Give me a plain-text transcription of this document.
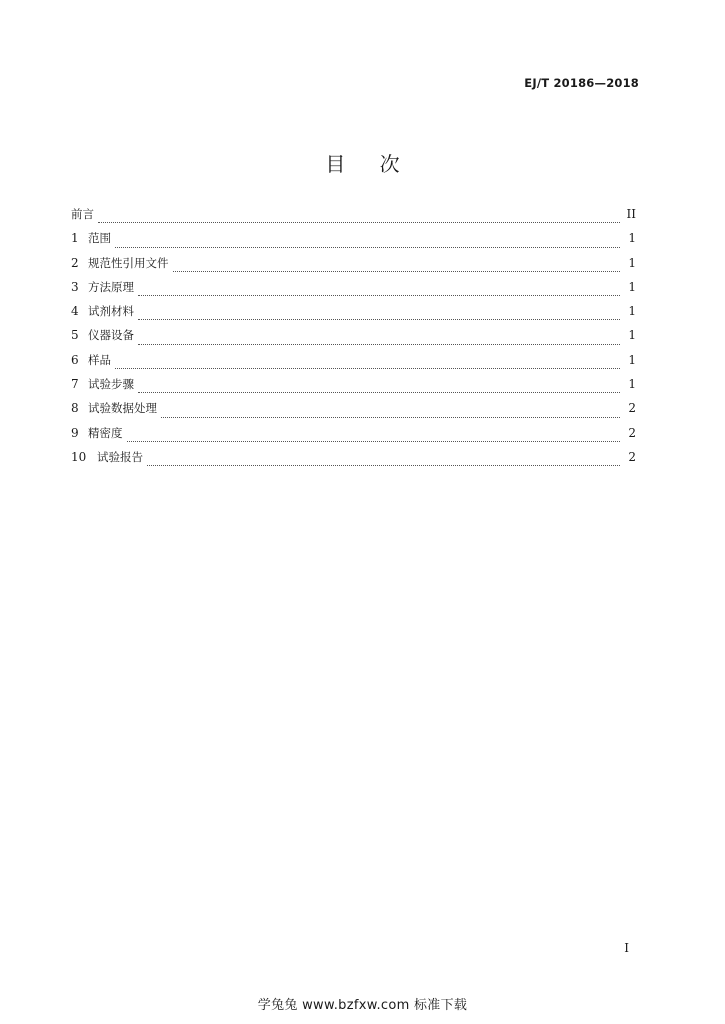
EJ/T 20186—2018
目 次
前言	II
1 范围	1
2 规范性引用文件	1
3 方法原理	1
4 试剂材料	1
5 仪器设备	1
6 样品	1
7 试验步骤	1
8 试验数据处理	2
9 精密度	2
10 试验报告	2
I
学兔兔 www.bzfxw.com 标准下载
